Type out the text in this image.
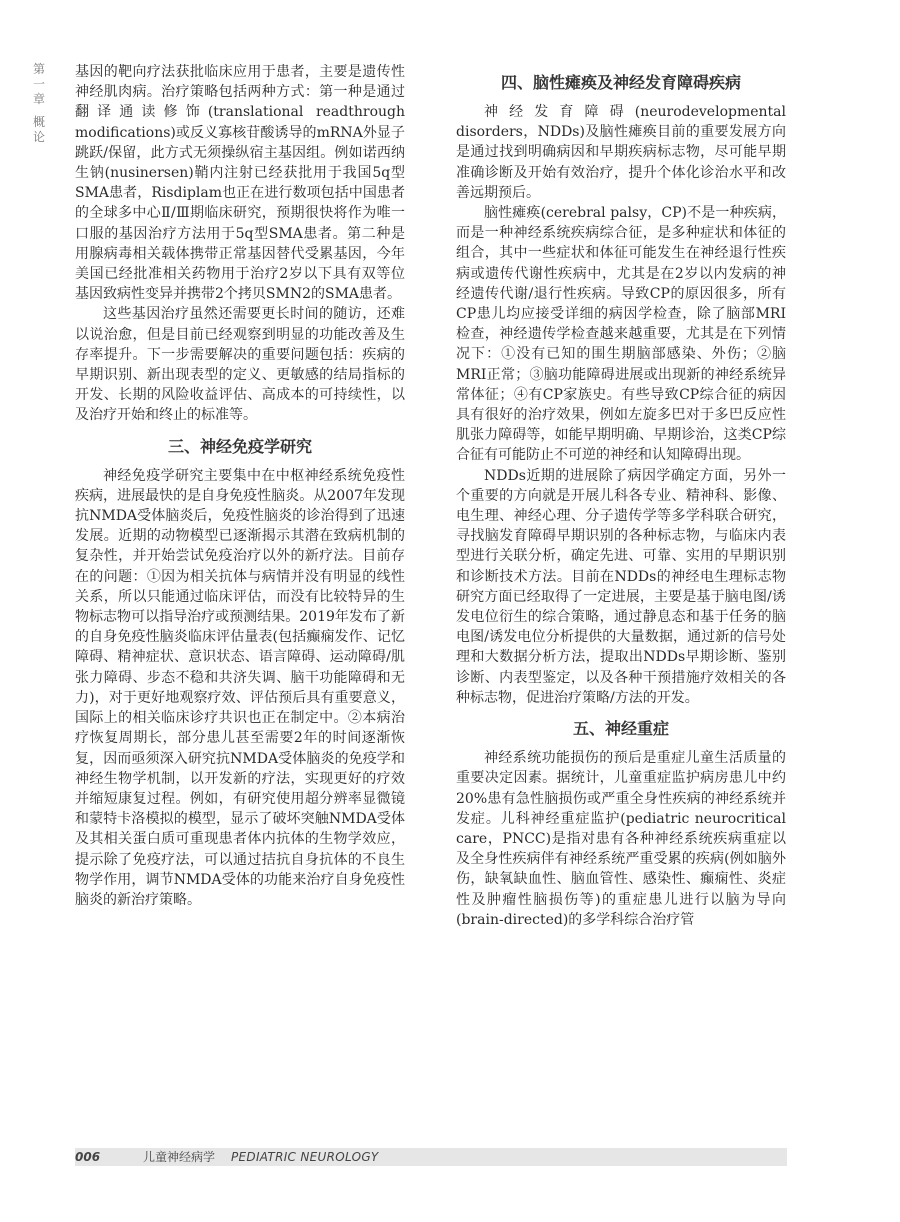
第
一
章
概
论

基因的靶向疗法获批临床应用于患者，主要是遗传性神经肌肉病。治疗策略包括两种方式：第一种是通过翻译通读修饰(translational readthrough modifications)或反义寡核苷酸诱导的mRNA外显子跳跃/保留，此方式无须操纵宿主基因组。例如诺西纳生钠(nusinersen)鞘内注射已经获批用于我国5q型SMA患者，Risdiplam也正在进行数项包括中国患者的全球多中心Ⅱ/Ⅲ期临床研究，预期很快将作为唯一口服的基因治疗方法用于5q型SMA患者。第二种是用腺病毒相关载体携带正常基因替代受累基因，今年美国已经批准相关药物用于治疗2岁以下具有双等位基因致病性变异并携带2个拷贝SMN2的SMA患者。

这些基因治疗虽然还需要更长时间的随访，还难以说治愈，但是目前已经观察到明显的功能改善及生存率提升。下一步需要解决的重要问题包括：疾病的早期识别、新出现表型的定义、更敏感的结局指标的开发、长期的风险收益评估、高成本的可持续性，以及治疗开始和终止的标准等。

三、神经免疫学研究

神经免疫学研究主要集中在中枢神经系统免疫性疾病，进展最快的是自身免疫性脑炎。从2007年发现抗NMDA受体脑炎后，免疫性脑炎的诊治得到了迅速发展。近期的动物模型已逐渐揭示其潜在致病机制的复杂性，并开始尝试免疫治疗以外的新疗法。目前存在的问题：①因为相关抗体与病情并没有明显的线性关系，所以只能通过临床评估，而没有比较特异的生物标志物可以指导治疗或预测结果。2019年发布了新的自身免疫性脑炎临床评估量表(包括癫痫发作、记忆障碍、精神症状、意识状态、语言障碍、运动障碍/肌张力障碍、步态不稳和共济失调、脑干功能障碍和无力)，对于更好地观察疗效、评估预后具有重要意义，国际上的相关临床诊疗共识也正在制定中。②本病治疗恢复周期长，部分患儿甚至需要2年的时间逐渐恢复，因而亟须深入研究抗NMDA受体脑炎的免疫学和神经生物学机制，以开发新的疗法，实现更好的疗效并缩短康复过程。例如，有研究使用超分辨率显微镜和蒙特卡洛模拟的模型，显示了破坏突触NMDA受体及其相关蛋白质可重现患者体内抗体的生物学效应，提示除了免疫疗法，可以通过拮抗自身抗体的不良生物学作用，调节NMDA受体的功能来治疗自身免疫性脑炎的新治疗策略。

四、脑性瘫痪及神经发育障碍疾病

神经发育障碍(neurodevelopmental disorders，NDDs)及脑性瘫痪目前的重要发展方向是通过找到明确病因和早期疾病标志物，尽可能早期准确诊断及开始有效治疗，提升个体化诊治水平和改善远期预后。

脑性瘫痪(cerebral palsy，CP)不是一种疾病，而是一种神经系统疾病综合征，是多种症状和体征的组合，其中一些症状和体征可能发生在神经退行性疾病或遗传代谢性疾病中，尤其是在2岁以内发病的神经遗传代谢/退行性疾病。导致CP的原因很多，所有CP患儿均应接受详细的病因学检查，除了脑部MRI检查，神经遗传学检查越来越重要，尤其是在下列情况下：①没有已知的围生期脑部感染、外伤；②脑MRI正常；③脑功能障碍进展或出现新的神经系统异常体征；④有CP家族史。有些导致CP综合征的病因具有很好的治疗效果，例如左旋多巴对于多巴反应性肌张力障碍等，如能早期明确、早期诊治，这类CP综合征有可能防止不可逆的神经和认知障碍出现。

NDDs近期的进展除了病因学确定方面，另外一个重要的方向就是开展儿科各专业、精神科、影像、电生理、神经心理、分子遗传学等多学科联合研究，寻找脑发育障碍早期识别的各种标志物，与临床内表型进行关联分析，确定先进、可靠、实用的早期识别和诊断技术方法。目前在NDDs的神经电生理标志物研究方面已经取得了一定进展，主要是基于脑电图/诱发电位衍生的综合策略，通过静息态和基于任务的脑电图/诱发电位分析提供的大量数据，通过新的信号处理和大数据分析方法，提取出NDDs早期诊断、鉴别诊断、内表型鉴定，以及各种干预措施疗效相关的各种标志物，促进治疗策略/方法的开发。

五、神经重症

神经系统功能损伤的预后是重症儿童生活质量的重要决定因素。据统计，儿童重症监护病房患儿中约20%患有急性脑损伤或严重全身性疾病的神经系统并发症。儿科神经重症监护(pediatric neurocritical care，PNCC)是指对患有各种神经系统疾病重症以及全身性疾病伴有神经系统严重受累的疾病(例如脑外伤，缺氧缺血性、脑血管性、感染性、癫痫性、炎症性及肿瘤性脑损伤等)的重症患儿进行以脑为导向(brain-directed)的多学科综合治疗管

006	儿童神经病学 PEDIATRIC NEUROLOGY
